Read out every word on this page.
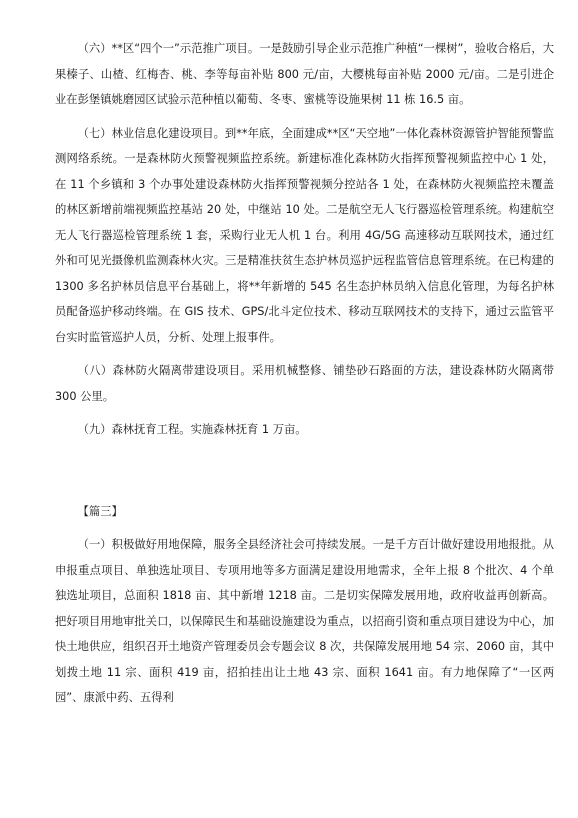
（六）**区“四个一”示范推广项目。一是鼓励引导企业示范推广种植“一棵树”，验收合格后，大果榛子、山楂、红梅杏、桃、李等每亩补贴 800 元/亩，大樱桃每亩补贴 2000 元/亩。二是引进企业在彭堡镇姚磨园区试验示范种植以葡萄、冬枣、蜜桃等设施果树 11 栋 16.5 亩。

（七）林业信息化建设项目。到**年底，全面建成**区“天空地”一体化森林资源管护智能预警监测网络系统。一是森林防火预警视频监控系统。新建标准化森林防火指挥预警视频监控中心 1 处，在 11 个乡镇和 3 个办事处建设森林防火指挥预警视频分控站各 1 处，在森林防火视频监控未覆盖的林区新增前端视频监控基站 20 处，中继站 10 处。二是航空无人飞行器巡检管理系统。构建航空无人飞行器巡检管理系统 1 套，采购行业无人机 1 台。利用 4G/5G 高速移动互联网技术，通过红外和可见光摄像机监测森林火灾。三是精准扶贫生态护林员巡护远程监管信息管理系统。在已构建的 1300 多名护林员信息平台基础上，将**年新增的 545 名生态护林员纳入信息化管理，为每名护林员配备巡护移动终端。在 GIS 技术、GPS/北斗定位技术、移动互联网技术的支持下，通过云监管平台实时监管巡护人员，分析、处理上报事件。

（八）森林防火隔离带建设项目。采用机械整修、铺垫砂石路面的方法，建设森林防火隔离带 300 公里。

（九）森林抚育工程。实施森林抚育 1 万亩。

【篇三】

（一）积极做好用地保障，服务全县经济社会可持续发展。一是千方百计做好建设用地报批。从申报重点项目、单独选址项目、专项用地等多方面满足建设用地需求，全年上报 8 个批次、4 个单独选址项目，总面积 1818 亩、其中新增 1218 亩。二是切实保障发展用地，政府收益再创新高。把好项目用地审批关口，以保障民生和基础设施建设为重点，以招商引资和重点项目建设为中心，加快土地供应，组织召开土地资产管理委员会专题会议 8 次，共保障发展用地 54 宗、2060 亩，其中划拨土地 11 宗、面积 419 亩，招拍挂出让土地 43 宗、面积 1641 亩。有力地保障了“一区两园”、康派中药、五得利
